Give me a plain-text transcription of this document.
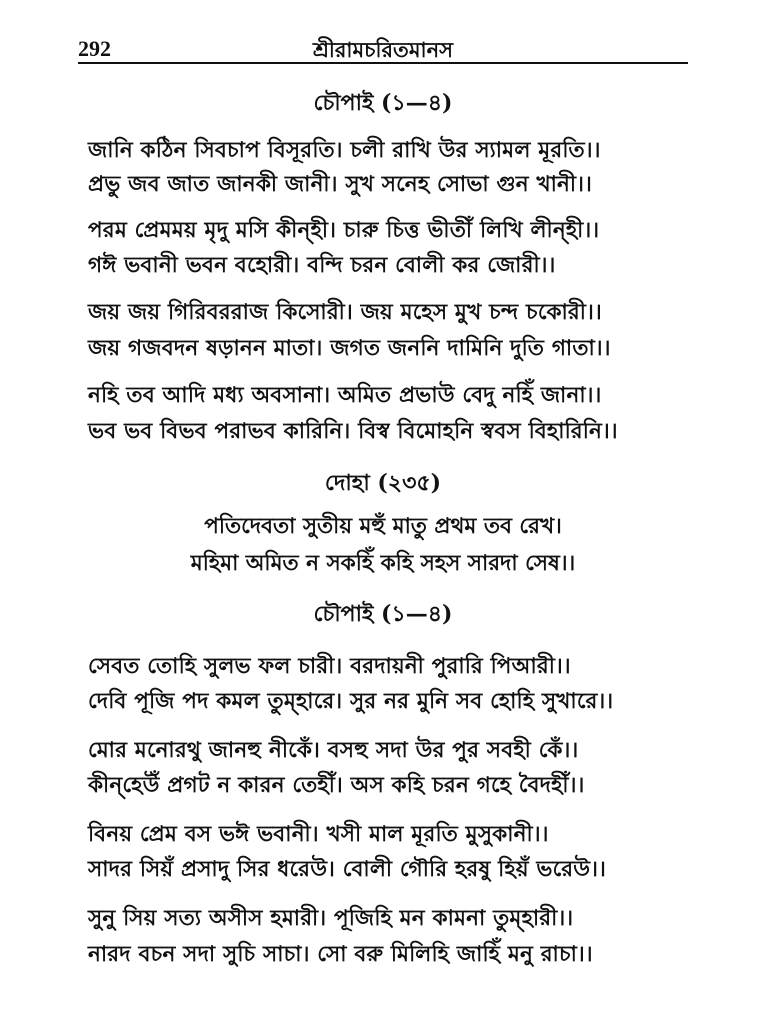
292	শ্রীরামচরিতমানস
চৌপাই (১—৪)
জানি কঠিন সিবচাপ বিসূরতি। চলী রাখি উর স্যামল মূরতি।।
প্রভু জব জাত জানকী জানী। সুখ সনেহ সোভা গুন খানী।।
পরম প্রেমময় মৃদু মসি কীন্‌হী। চারু চিত্ত ভীতীঁ লিখি লীন্‌হী।।
গঈ ভবানী ভবন বহোরী। বন্দি চরন বোলী কর জোরী।।
জয় জয় গিরিবররাজ কিসোরী। জয় মহেস মুখ চন্দ চকোরী।।
জয় গজবদন ষড়ানন মাতা। জগত জননি দামিনি দুতি গাতা।।
নহি তব আদি মধ্য অবসানা। অমিত প্রভাউ বেদু নহিঁ জানা।।
ভব ভব বিভব পরাভব কারিনি। বিস্ব বিমোহনি স্ববস বিহারিনি।।
দোহা (২৩৫)
পতিদেবতা সুতীয় মহুঁ মাতু প্রথম তব রেখ।
মহিমা অমিত ন সকহিঁ কহি সহস সারদা সেষ।।
চৌপাই (১—৪)
সেবত তোহি সুলভ ফল চারী। বরদায়নী পুরারি পিআরী।।
দেবি পূজি পদ কমল তুম্‌হারে। সুর নর মুনি সব হোহি সুখারে।।
মোর মনোরথু জানহু নীকেঁ। বসহু সদা উর পুর সবহী কেঁ।।
কীন্‌হেউঁ প্রগট ন কারন তেহীঁ। অস কহি চরন গহে বৈদহীঁ।।
বিনয় প্রেম বস ভঈ ভবানী। খসী মাল মূরতি মুসুকানী।।
সাদর সিয়ঁ প্রসাদু সির ধরেউ। বোলী গৌরি হরষু হিয়ঁ ভরেউ।।
সুনু সিয় সত্য অসীস হমারী। পূজিহি মন কামনা তুম্‌হারী।।
নারদ বচন সদা সুচি সাচা। সো বরু মিলিহি জাহিঁ মনু রাচা।।
